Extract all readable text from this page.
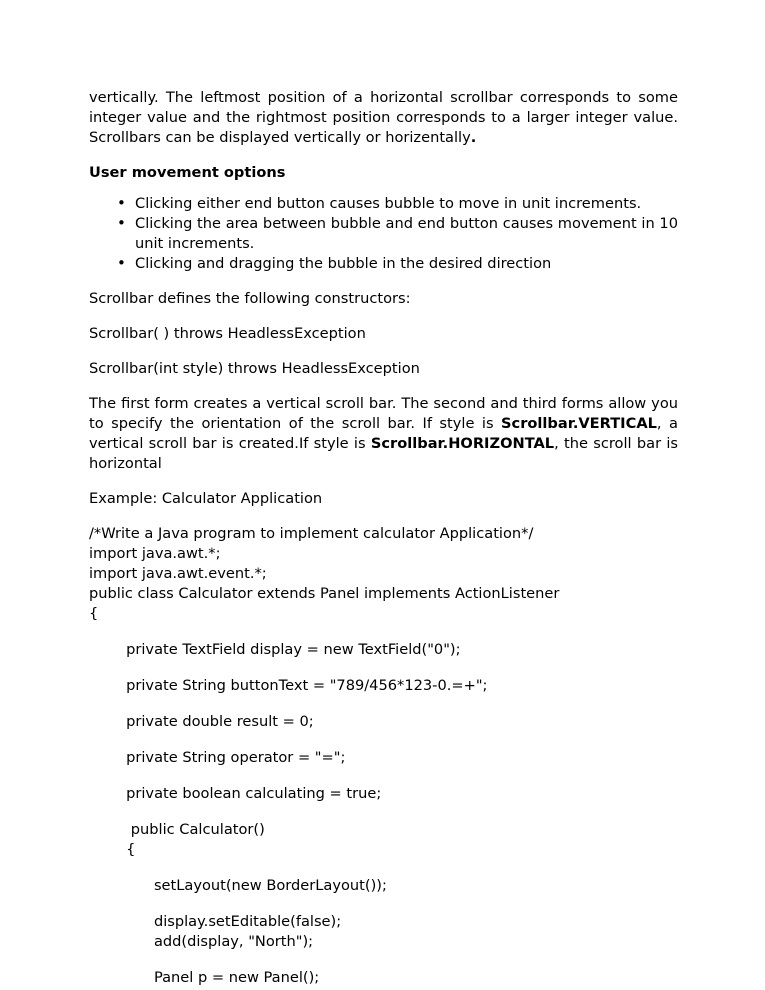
vertically. The leftmost position of a horizontal scrollbar corresponds to some integer value and the rightmost position corresponds to a larger integer value. Scrollbars can be displayed vertically or horizentally.

User movement options

• Clicking either end button causes bubble to move in unit increments.
• Clicking the area between bubble and end button causes movement in 10 unit increments.
• Clicking and dragging the bubble in the desired direction

Scrollbar defines the following constructors:

Scrollbar( ) throws HeadlessException

Scrollbar(int style) throws HeadlessException

The first form creates a vertical scroll bar. The second and third forms allow you to specify the orientation of the scroll bar. If style is Scrollbar.VERTICAL, a vertical scroll bar is created.If style is Scrollbar.HORIZONTAL, the scroll bar is horizontal

Example: Calculator Application

/*Write a Java program to implement calculator Application*/
import java.awt.*;
import java.awt.event.*;
public class Calculator extends Panel implements ActionListener
{
private TextField display = new TextField("0");
private String buttonText = "789/456*123-0.=+";
private double result = 0;
private String operator = "=";
private boolean calculating = true;
public Calculator()
{
setLayout(new BorderLayout());
display.setEditable(false);
add(display, "North");
Panel p = new Panel();
